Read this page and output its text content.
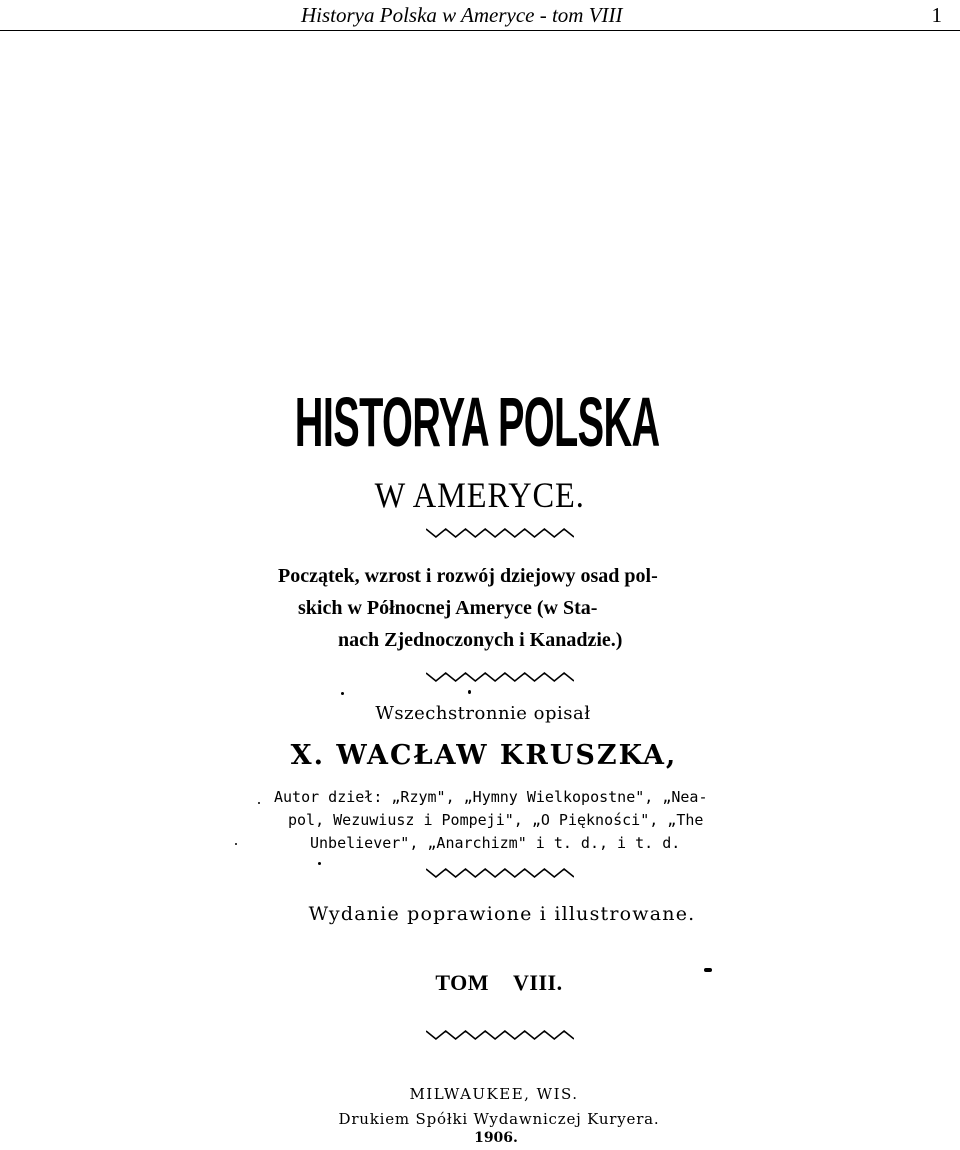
Historya Polska w Ameryce - tom VIII	1
HISTORYA POLSKA
W AMERYCE.
Początek, wzrost i rozwój dziejowy osad pol-
skich w Północnej Ameryce (w Sta-
nach Zjednoczonych i Kanadzie.)
Wszechstronnie opisał
X. WACŁAW KRUSZKA,
Autor dzieł: „Rzym", „Hymny Wielkopostne", „Nea-
pol, Wezuwiusz i Pompeji", „O Piękności", „The
Unbeliever", „Anarchizm" i t. d., i t. d.
Wydanie poprawione i illustrowane.
TOM VIII.
MILWAUKEE, WIS.
Drukiem Spółki Wydawniczej Kuryera.
1906.
